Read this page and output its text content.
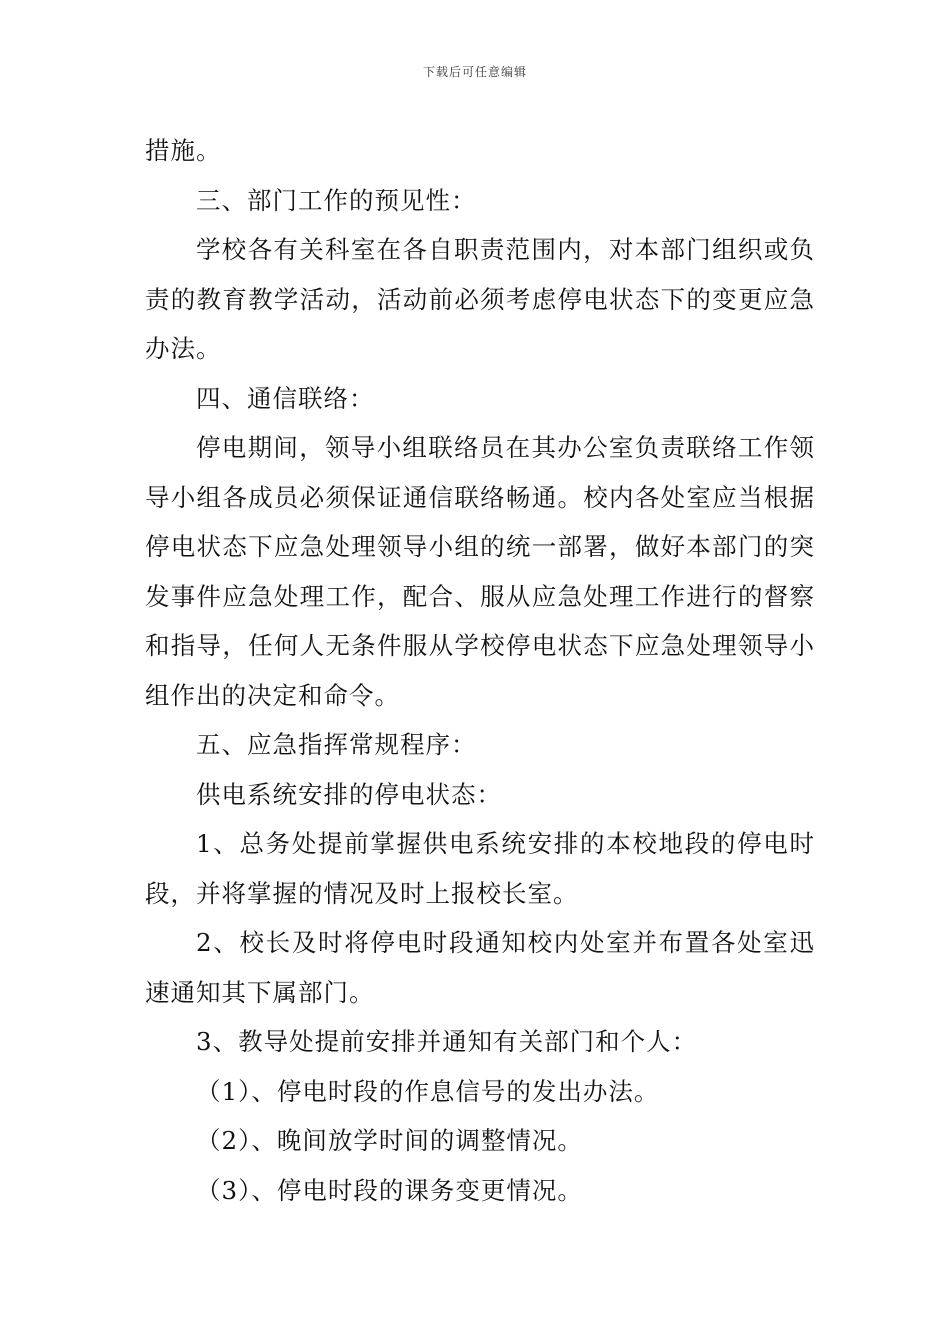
下载后可任意编辑

措施。

三、部门工作的预见性：

学校各有关科室在各自职责范围内，对本部门组织或负责的教育教学活动，活动前必须考虑停电状态下的变更应急办法。

四、通信联络：

停电期间，领导小组联络员在其办公室负责联络工作领导小组各成员必须保证通信联络畅通。校内各处室应当根据停电状态下应急处理领导小组的统一部署，做好本部门的突发事件应急处理工作，配合、服从应急处理工作进行的督察和指导，任何人无条件服从学校停电状态下应急处理领导小组作出的决定和命令。

五、应急指挥常规程序：

供电系统安排的停电状态：

1、总务处提前掌握供电系统安排的本校地段的停电时段，并将掌握的情况及时上报校长室。

2、校长及时将停电时段通知校内处室并布置各处室迅速通知其下属部门。

3、教导处提前安排并通知有关部门和个人：

（1）、停电时段的作息信号的发出办法。

（2）、晚间放学时间的调整情况。

（3）、停电时段的课务变更情况。
